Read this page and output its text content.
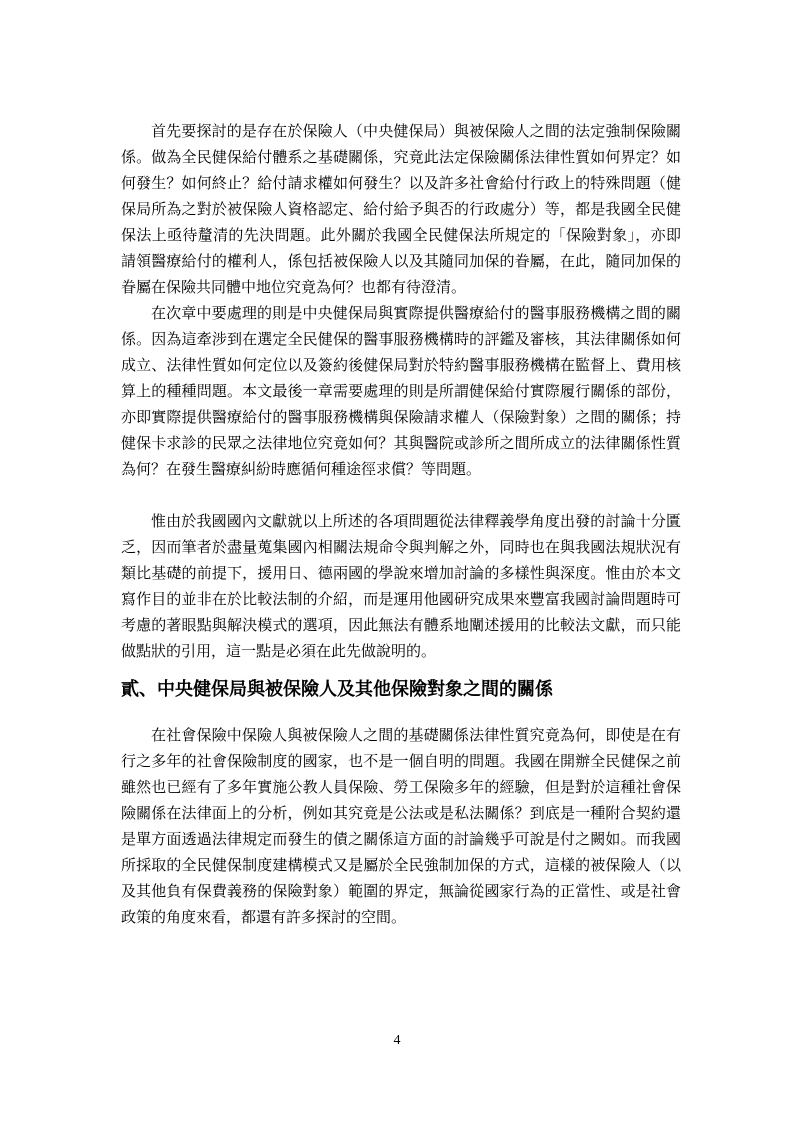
首先要探討的是存在於保險人（中央健保局）與被保險人之間的法定強制保險關係。做為全民健保給付體系之基礎關係，究竟此法定保險關係法律性質如何界定？如何發生？如何終止？給付請求權如何發生？以及許多社會給付行政上的特殊問題（健保局所為之對於被保險人資格認定、給付給予與否的行政處分）等，都是我國全民健保法上亟待釐清的先決問題。此外關於我國全民健保法所規定的「保險對象」，亦即請領醫療給付的權利人，係包括被保險人以及其隨同加保的眷屬，在此，隨同加保的眷屬在保險共同體中地位究竟為何？也都有待澄清。

在次章中要處理的則是中央健保局與實際提供醫療給付的醫事服務機構之間的關係。因為這牽涉到在選定全民健保的醫事服務機構時的評鑑及審核，其法律關係如何成立、法律性質如何定位以及簽約後健保局對於特約醫事服務機構在監督上、費用核算上的種種問題。本文最後一章需要處理的則是所謂健保給付實際履行關係的部份，亦即實際提供醫療給付的醫事服務機構與保險請求權人（保險對象）之間的關係；持健保卡求診的民眾之法律地位究竟如何？其與醫院或診所之間所成立的法律關係性質為何？在發生醫療糾紛時應循何種途徑求償？等問題。

惟由於我國國內文獻就以上所述的各項問題從法律釋義學角度出發的討論十分匱乏，因而筆者於盡量蒐集國內相關法規命令與判解之外，同時也在與我國法規狀況有類比基礎的前提下，援用日、德兩國的學說來增加討論的多樣性與深度。惟由於本文寫作目的並非在於比較法制的介紹，而是運用他國研究成果來豐富我國討論問題時可考慮的著眼點與解決模式的選項，因此無法有體系地闡述援用的比較法文獻，而只能做點狀的引用，這一點是必須在此先做說明的。

貳、中央健保局與被保險人及其他保險對象之間的關係

在社會保險中保險人與被保險人之間的基礎關係法律性質究竟為何，即使是在有行之多年的社會保險制度的國家，也不是一個自明的問題。我國在開辦全民健保之前雖然也已經有了多年實施公教人員保險、勞工保險多年的經驗，但是對於這種社會保險關係在法律面上的分析，例如其究竟是公法或是私法關係？到底是一種附合契約還是單方面透過法律規定而發生的債之關係這方面的討論幾乎可說是付之闕如。而我國所採取的全民健保制度建構模式又是屬於全民強制加保的方式，這樣的被保險人（以及其他負有保費義務的保險對象）範圍的界定，無論從國家行為的正當性、或是社會政策的角度來看，都還有許多探討的空間。

4
